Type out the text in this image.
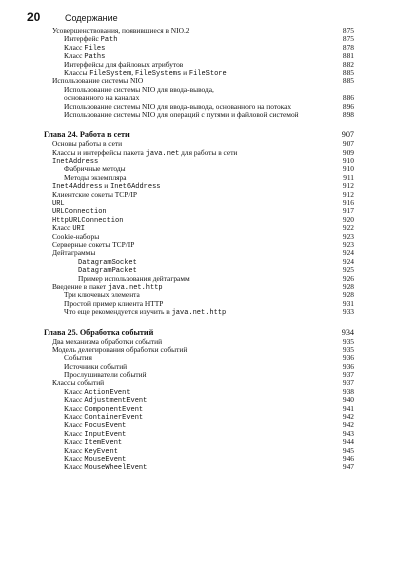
20	Содержание
Усовершенствования, появившиеся в NIO.2	875
Интерфейс Path	875
Класс Files	878
Класс Paths	881
Интерфейсы для файловых атрибутов	882
Классы FileSystem, FileSystems и FileStore	885
Использование системы NIO	885
Использование системы NIO для ввода-вывода,
основанного на каналах	886
Использование системы NIO для ввода-вывода, основанного на потоках	896
Использование системы NIO для операций с путями и файловой системой	898
Глава 24. Работа в сети	907
Основы работы в сети	907
Классы и интерфейсы пакета java.net для работы в сети	909
InetAddress	910
Фабричные методы	910
Методы экземпляра	911
Inet4Address и Inet6Address	912
Клиентские сокеты TCP/IP	912
URL	916
URLConnection	917
HttpURLConnection	920
Класс URI	922
Cookie-наборы	923
Серверные сокеты TCP/IP	923
Дейтаграммы	924
DatagramSocket	924
DatagramPacket	925
Пример использования дейтаграмм	926
Введение в пакет java.net.http	928
Три ключевых элемента	928
Простой пример клиента HTTP	931
Что еще рекомендуется изучить в java.net.http	933
Глава 25. Обработка событий	934
Два механизма обработки событий	935
Модель делегирования обработки событий	935
События	936
Источники событий	936
Прослушиватели событий	937
Классы событий	937
Класс ActionEvent	938
Класс AdjustmentEvent	940
Класс ComponentEvent	941
Класс ContainerEvent	942
Класс FocusEvent	942
Класс InputEvent	943
Класс ItemEvent	944
Класс KeyEvent	945
Класс MouseEvent	946
Класс MouseWheelEvent	947
